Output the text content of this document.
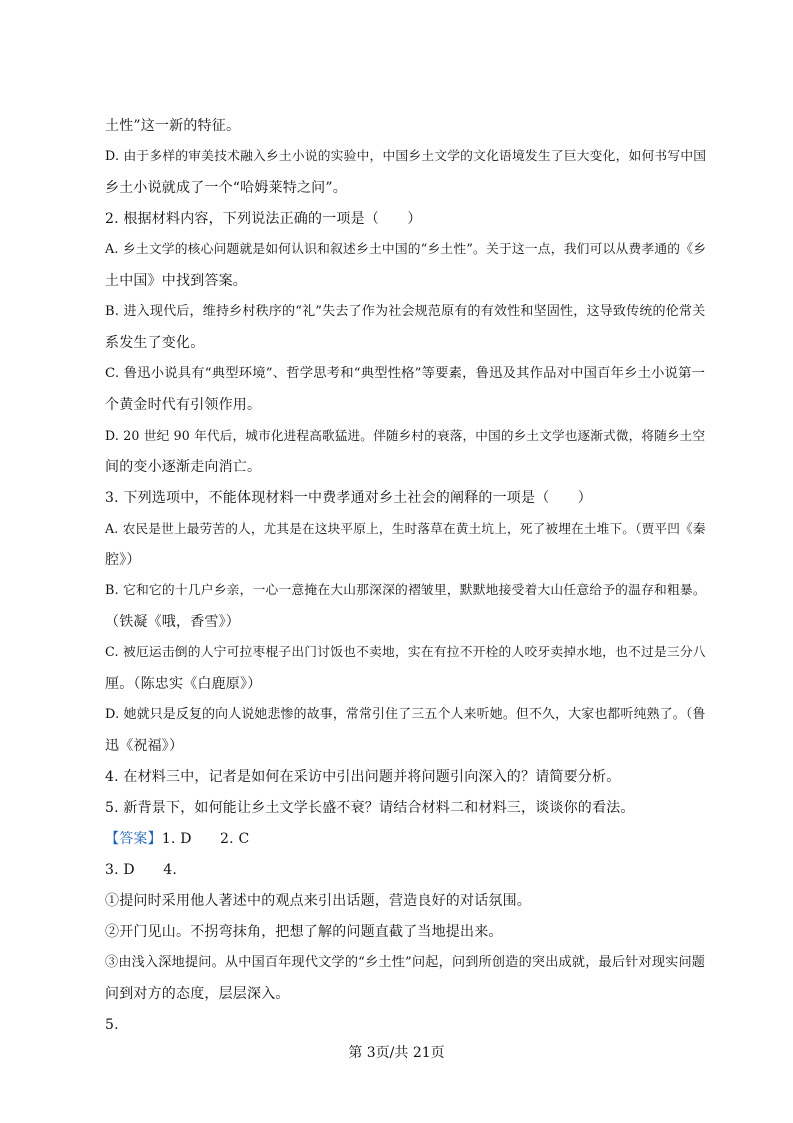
土性”这一新的特征。
D. 由于多样的审美技术融入乡土小说的实验中，中国乡土文学的文化语境发生了巨大变化，如何书写中国
乡土小说就成了一个“哈姆莱特之问”。
2. 根据材料内容，下列说法正确的一项是（　　）
A. 乡土文学的核心问题就是如何认识和叙述乡土中国的“乡土性”。关于这一点，我们可以从费孝通的《乡
土中国》中找到答案。
B. 进入现代后，维持乡村秩序的“礼”失去了作为社会规范原有的有效性和坚固性，这导致传统的伦常关
系发生了变化。
C. 鲁迅小说具有“典型环境”、哲学思考和“典型性格”等要素，鲁迅及其作品对中国百年乡土小说第一
个黄金时代有引领作用。
D. 20 世纪 90 年代后，城市化进程高歌猛进。伴随乡村的衰落，中国的乡土文学也逐渐式微，将随乡土空
间的变小逐渐走向消亡。
3. 下列选项中，不能体现材料一中费孝通对乡土社会的阐释的一项是（　　）
A. 农民是世上最劳苦的人，尤其是在这块平原上，生时落草在黄土坑上，死了被埋在土堆下。（贾平凹《秦
腔》）
B. 它和它的十几户乡亲，一心一意掩在大山那深深的褶皱里，默默地接受着大山任意给予的温存和粗暴。
（铁凝《哦，香雪》）
C. 被厄运击倒的人宁可拉枣棍子出门讨饭也不卖地，实在有拉不开栓的人咬牙卖掉水地，也不过是三分八
厘。（陈忠实《白鹿原》）
D. 她就只是反复的向人说她悲惨的故事，常常引住了三五个人来听她。但不久，大家也都听纯熟了。（鲁
迅《祝福》）
4. 在材料三中，记者是如何在采访中引出问题并将问题引向深入的？请简要分析。
5. 新背景下，如何能让乡土文学长盛不衰？请结合材料二和材料三，谈谈你的看法。
【答案】1. D　　2. C
3. D　　4.
①提问时采用他人著述中的观点来引出话题，营造良好的对话氛围。
②开门见山。不拐弯抹角，把想了解的问题直截了当地提出来。
③由浅入深地提问。从中国百年现代文学的“乡土性”问起，问到所创造的突出成就，最后针对现实问题
问到对方的态度，层层深入。
5.
第 3页/共 21页
